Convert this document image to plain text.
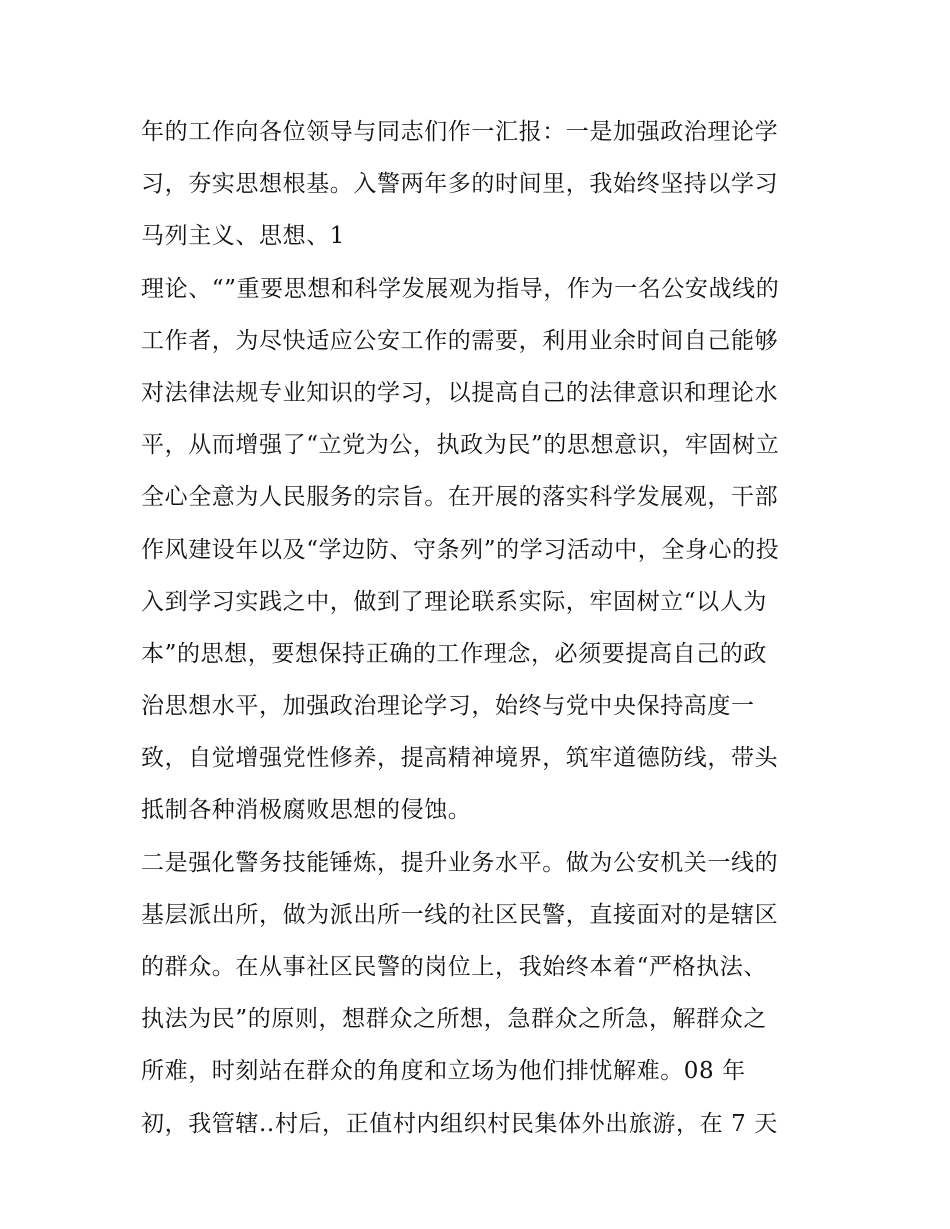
年的工作向各位领导与同志们作一汇报：一是加强政治理论学
习，夯实思想根基。入警两年多的时间里，我始终坚持以学习
马列主义、思想、1
理论、“”重要思想和科学发展观为指导，作为一名公安战线的
工作者，为尽快适应公安工作的需要，利用业余时间自己能够
对法律法规专业知识的学习，以提高自己的法律意识和理论水
平，从而增强了“立党为公，执政为民”的思想意识，牢固树立
全心全意为人民服务的宗旨。在开展的落实科学发展观，干部
作风建设年以及“学边防、守条列”的学习活动中，全身心的投
入到学习实践之中，做到了理论联系实际，牢固树立“以人为
本”的思想，要想保持正确的工作理念，必须要提高自己的政
治思想水平，加强政治理论学习，始终与党中央保持高度一
致，自觉增强党性修养，提高精神境界，筑牢道德防线，带头
抵制各种消极腐败思想的侵蚀。
二是强化警务技能锤炼，提升业务水平。做为公安机关一线的
基层派出所，做为派出所一线的社区民警，直接面对的是辖区
的群众。在从事社区民警的岗位上，我始终本着“严格执法、
执法为民”的原则，想群众之所想，急群众之所急，解群众之
所难，时刻站在群众的角度和立场为他们排忧解难。08 年
初，我管辖..村后，正值村内组织村民集体外出旅游，在 7 天
